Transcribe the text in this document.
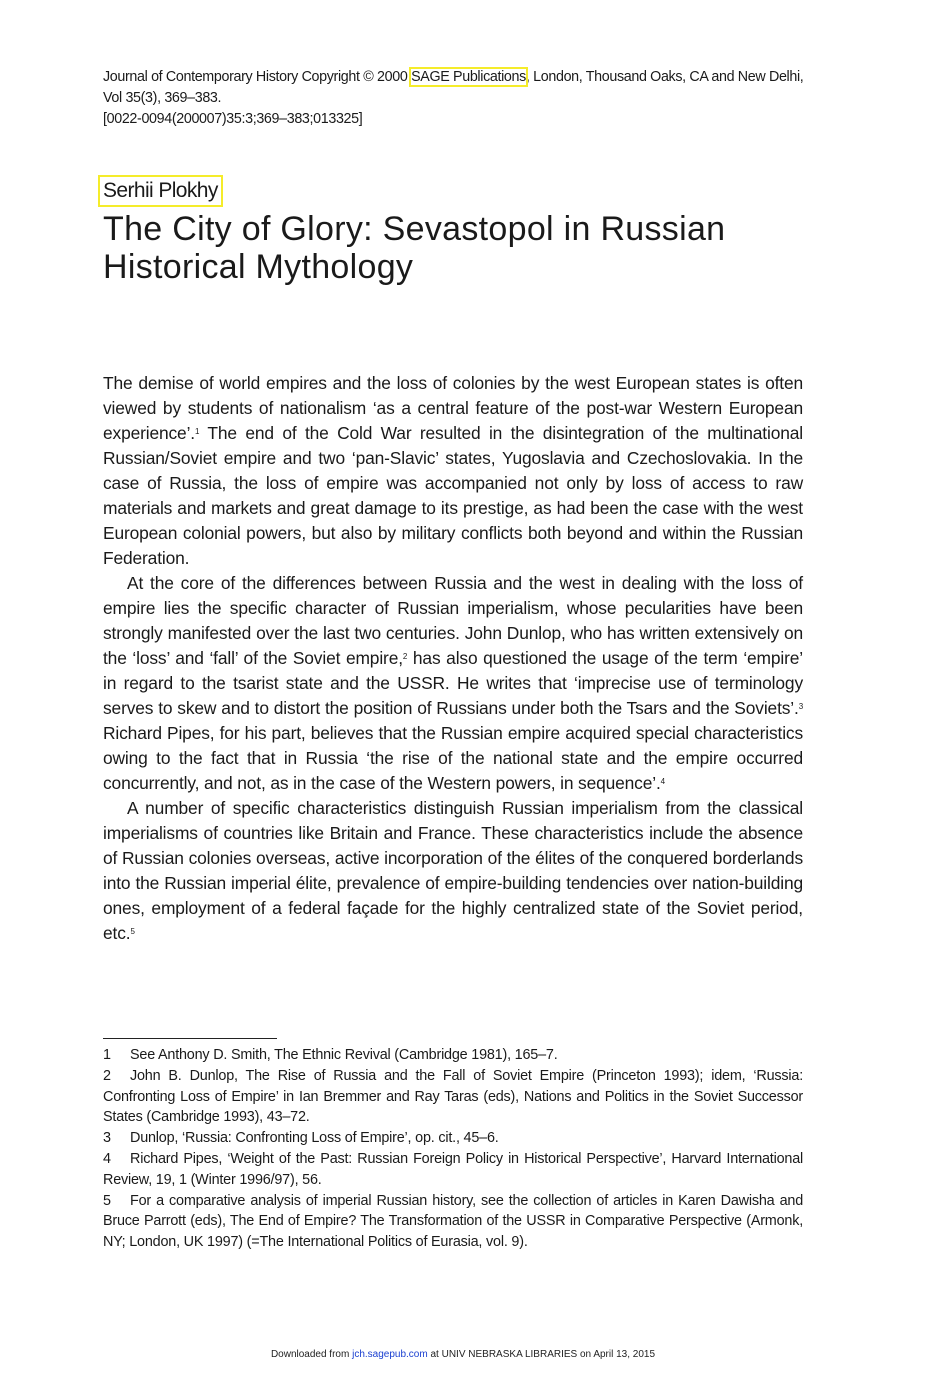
Journal of Contemporary History Copyright © 2000 SAGE Publications, London, Thousand Oaks, CA and New Delhi, Vol 35(3), 369–383.
[0022-0094(200007)35:3;369–383;013325]
Serhii Plokhy
The City of Glory: Sevastopol in Russian
Historical Mythology

The demise of world empires and the loss of colonies by the west European states is often viewed by students of nationalism ‘as a central feature of the post-war Western European experience’.$^1$ The end of the Cold War resulted in the disintegration of the multinational Russian/Soviet empire and two ‘pan-Slavic’ states, Yugoslavia and Czechoslovakia. In the case of Russia, the loss of empire was accompanied not only by loss of access to raw materials and markets and great damage to its prestige, as had been the case with the west European colonial powers, but also by military conflicts both beyond and within the Russian Federation.

At the core of the differences between Russia and the west in dealing with the loss of empire lies the specific character of Russian imperialism, whose pecularities have been strongly manifested over the last two centuries. John Dunlop, who has written extensively on the ‘loss’ and ‘fall’ of the Soviet empire,$^2$ has also questioned the usage of the term ‘empire’ in regard to the tsarist state and the USSR. He writes that ‘imprecise use of terminology serves to skew and to distort the position of Russians under both the Tsars and the Soviets’.$^3$ Richard Pipes, for his part, believes that the Russian empire acquired special characteristics owing to the fact that in Russia ‘the rise of the national state and the empire occurred concurrently, and not, as in the case of the Western powers, in sequence’.$^4$

A number of specific characteristics distinguish Russian imperialism from the classical imperialisms of countries like Britain and France. These characteristics include the absence of Russian colonies overseas, active incorporation of the élites of the conquered borderlands into the Russian imperial élite, prevalence of empire-building tendencies over nation-building ones, employment of a federal façade for the highly centralized state of the Soviet period, etc.$^5$

1 See Anthony D. Smith, The Ethnic Revival (Cambridge 1981), 165–7.

2 John B. Dunlop, The Rise of Russia and the Fall of Soviet Empire (Princeton 1993); idem, ‘Russia: Confronting Loss of Empire’ in Ian Bremmer and Ray Taras (eds), Nations and Politics in the Soviet Successor States (Cambridge 1993), 43–72.

3 Dunlop, ‘Russia: Confronting Loss of Empire’, op. cit., 45–6.

4 Richard Pipes, ‘Weight of the Past: Russian Foreign Policy in Historical Perspective’, Harvard International Review, 19, 1 (Winter 1996/97), 56.

5 For a comparative analysis of imperial Russian history, see the collection of articles in Karen Dawisha and Bruce Parrott (eds), The End of Empire? The Transformation of the USSR in Comparative Perspective (Armonk, NY; London, UK 1997) (=The International Politics of Eurasia, vol. 9).

Downloaded from jch.sagepub.com at UNIV NEBRASKA LIBRARIES on April 13, 2015
